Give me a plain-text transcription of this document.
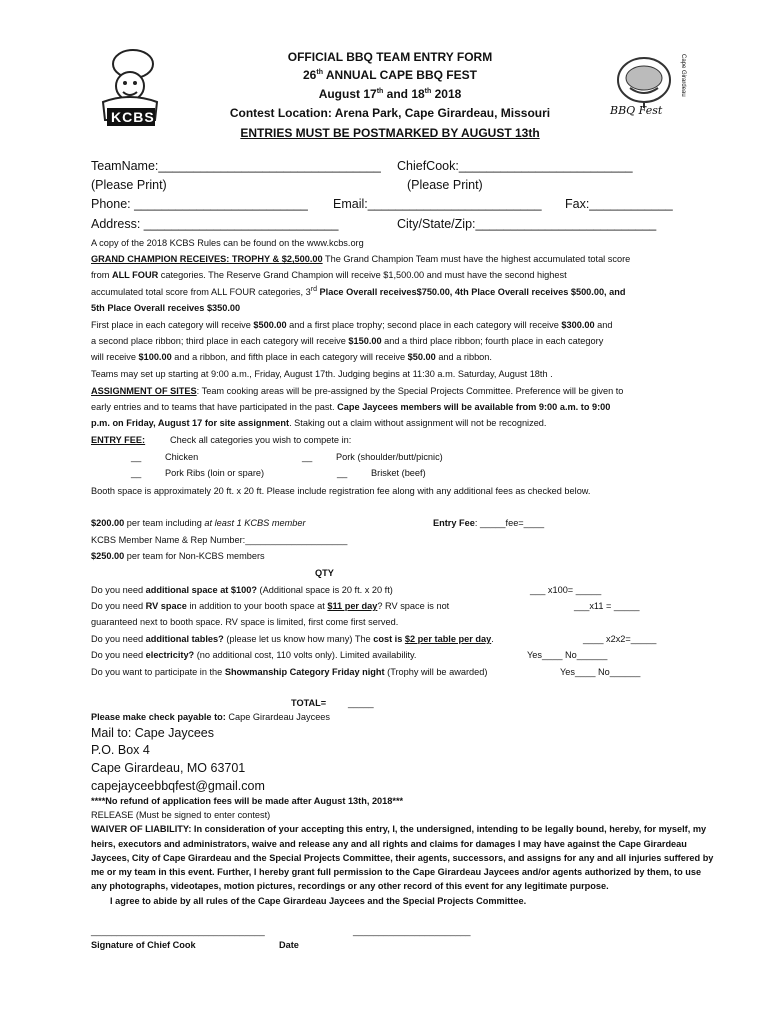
KCBS	BBQ Fest
Cape Girardeau
OFFICIAL BBQ TEAM ENTRY FORM
26th ANNUAL CAPE BBQ FEST
August 17th and 18th 2018
Contest Location: Arena Park, Cape Girardeau, Missouri
ENTRIES MUST BE POSTMARKED BY AUGUST 13th
TeamName:________________________________ ChiefCook:_________________________
(Please Print)	(Please Print)
Phone: _________________________ Email:_________________________ Fax:____________
Address: ____________________________	City/State/Zip:__________________________
A copy of the 2018 KCBS Rules can be found on the www.kcbs.org
GRAND CHAMPION RECEIVES: TROPHY & $2,500.00 The Grand Champion Team must have the highest accumulated total score
from ALL FOUR categories. The Reserve Grand Champion will receive $1,500.00 and must have the second highest
accumulated total score from ALL FOUR categories, 3rd Place Overall receives$750.00, 4th Place Overall receives $500.00, and
5th Place Overall receives $350.00
First place in each category will receive $500.00 and a first place trophy; second place in each category will receive $300.00 and
a second place ribbon; third place in each category will receive $150.00 and a third place ribbon; fourth place in each category
will receive $100.00 and a ribbon, and fifth place in each category will receive $50.00 and a ribbon.
Teams may set up starting at 9:00 a.m., Friday, August 17th. Judging begins at 11:30 a.m. Saturday, August 18th .
ASSIGNMENT OF SITES: Team cooking areas will be pre-assigned by the Special Projects Committee. Preference will be given to
early entries and to teams that have participated in the past. Cape Jaycees members will be available from 9:00 a.m. to 9:00
p.m. on Friday, August 17 for site assignment. Staking out a claim without assignment will not be recognized.
ENTRY FEE:	Check all categories you wish to compete in:
__	Chicken	__	Pork (shoulder/butt/picnic)
__	Pork Ribs (loin or spare)	__	Brisket (beef)
Booth space is approximately 20 ft. x 20 ft. Please include registration fee along with any additional fees as checked below.
$200.00 per team including at least 1 KCBS member	Entry Fee: _____fee=____
KCBS Member Name & Rep Number:____________________
$250.00 per team for Non-KCBS members
QTY
Do you need additional space at $100? (Additional space is 20 ft. x 20 ft)	___ x100= _____
Do you need RV space in addition to your booth space at $11 per day? RV space is not	___x11 = _____
guaranteed next to booth space. RV space is limited, first come first served.
Do you need additional tables? (please let us know how many) The cost is $2 per table per day.	____ x2x2=_____
Do you need electricity? (no additional cost, 110 volts only). Limited availability.	Yes____ No______
Do you want to participate in the Showmanship Category Friday night (Trophy will be awarded)	Yes____ No______
TOTAL= _____
Please make check payable to: Cape Girardeau Jaycees
Mail to: Cape Jaycees
P.O. Box 4
Cape Girardeau, MO 63701
capejayceebbqfest@gmail.com
****No refund of application fees will be made after August 13th, 2018***
RELEASE (Must be signed to enter contest)
WAIVER OF LIABILITY: In consideration of your accepting this entry, I, the undersigned, intending to be legally bound, hereby, for myself, my
heirs, executors and administrators, waive and release any and all rights and claims for damages I may have against the Cape Girardeau
Jaycees, City of Cape Girardeau and the Special Projects Committee, their agents, successors, and assigns for any and all injuries suffered by
me or my team in this event. Further, I hereby grant full permission to the Cape Girardeau Jaycees and/or agents authorized by them, to use
any photographs, videotapes, motion pictures, recordings or any other record of this event for any legitimate purpose.
I agree to abide by all rules of the Cape Girardeau Jaycees and the Special Projects Committee.
__________________________________	_______________________
Signature of Chief Cook	Date
